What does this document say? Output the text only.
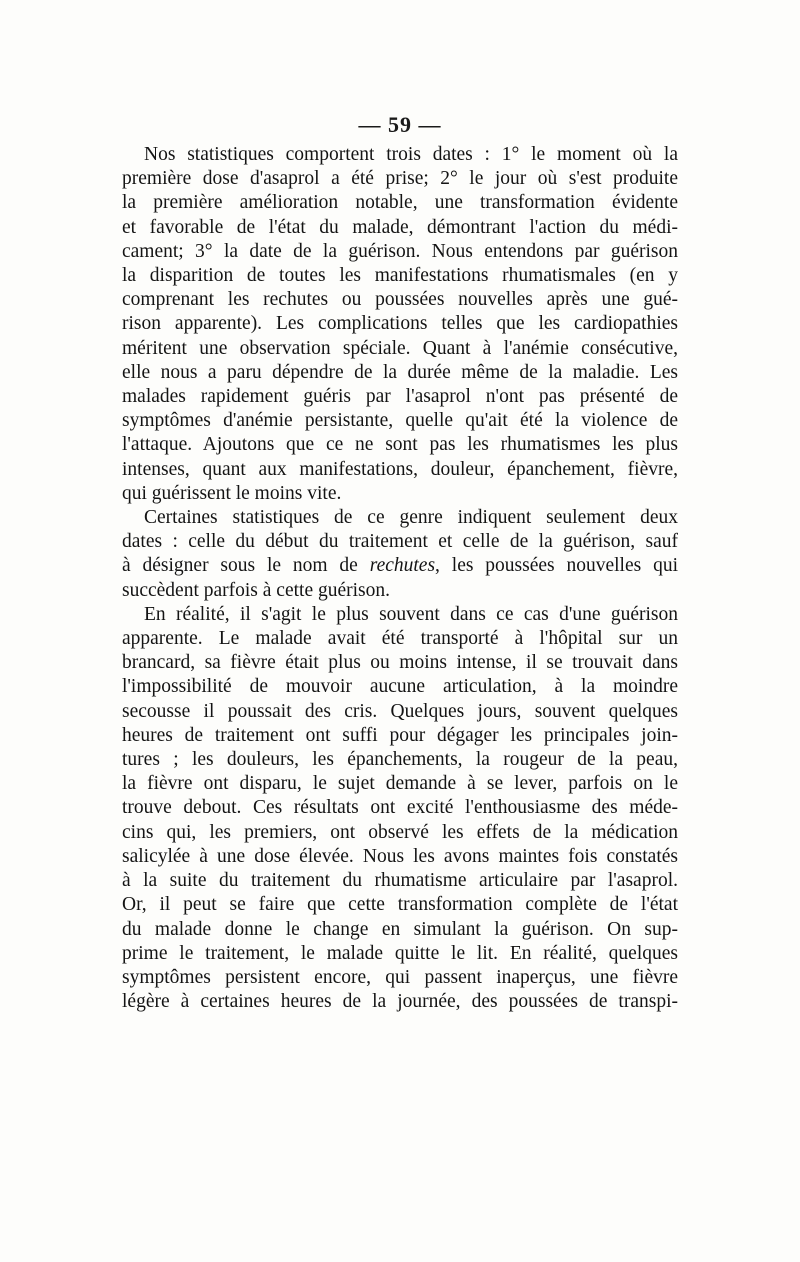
— 59 —
Nos statistiques comportent trois dates : 1° le moment où la
première dose d'asaprol a été prise; 2° le jour où s'est produite
la première amélioration notable, une transformation évidente
et favorable de l'état du malade, démontrant l'action du médi-
cament; 3° la date de la guérison. Nous entendons par guérison
la disparition de toutes les manifestations rhumatismales (en y
comprenant les rechutes ou poussées nouvelles après une gué-
rison apparente). Les complications telles que les cardiopathies
méritent une observation spéciale. Quant à l'anémie consécutive,
elle nous a paru dépendre de la durée même de la maladie. Les
malades rapidement guéris par l'asaprol n'ont pas présenté de
symptômes d'anémie persistante, quelle qu'ait été la violence de
l'attaque. Ajoutons que ce ne sont pas les rhumatismes les plus
intenses, quant aux manifestations, douleur, épanchement, fièvre,
qui guérissent le moins vite.
Certaines statistiques de ce genre indiquent seulement deux
dates : celle du début du traitement et celle de la guérison, sauf
à désigner sous le nom de rechutes, les poussées nouvelles qui
succèdent parfois à cette guérison.
En réalité, il s'agit le plus souvent dans ce cas d'une guérison
apparente. Le malade avait été transporté à l'hôpital sur un
brancard, sa fièvre était plus ou moins intense, il se trouvait dans
l'impossibilité de mouvoir aucune articulation, à la moindre
secousse il poussait des cris. Quelques jours, souvent quelques
heures de traitement ont suffi pour dégager les principales join-
tures ; les douleurs, les épanchements, la rougeur de la peau,
la fièvre ont disparu, le sujet demande à se lever, parfois on le
trouve debout. Ces résultats ont excité l'enthousiasme des méde-
cins qui, les premiers, ont observé les effets de la médication
salicylée à une dose élevée. Nous les avons maintes fois constatés
à la suite du traitement du rhumatisme articulaire par l'asaprol.
Or, il peut se faire que cette transformation complète de l'état
du malade donne le change en simulant la guérison. On sup-
prime le traitement, le malade quitte le lit. En réalité, quelques
symptômes persistent encore, qui passent inaperçus, une fièvre
légère à certaines heures de la journée, des poussées de transpi-
